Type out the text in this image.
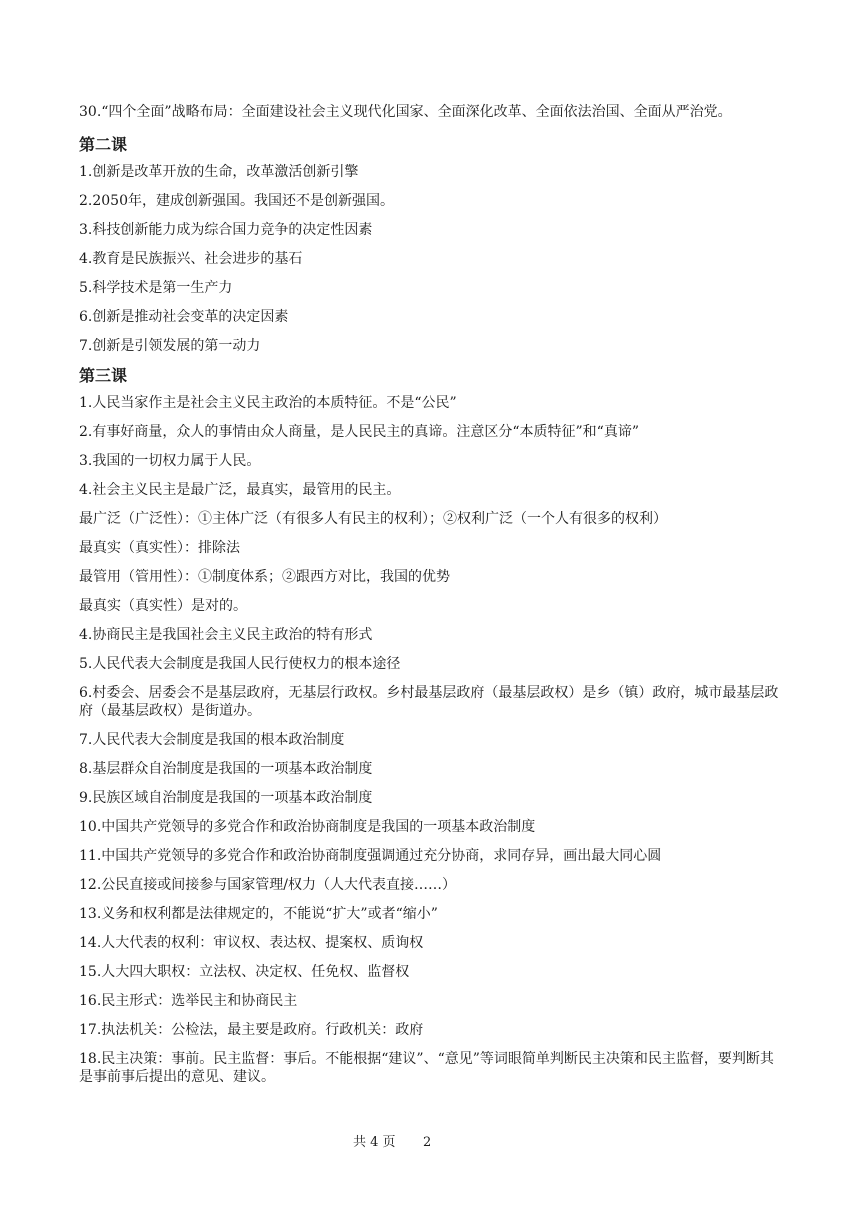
30.“四个全面”战略布局：全面建设社会主义现代化国家、全面深化改革、全面依法治国、全面从严治党。

第二课

1.创新是改革开放的生命，改革激活创新引擎

2.2050年，建成创新强国。我国还不是创新强国。

3.科技创新能力成为综合国力竞争的决定性因素

4.教育是民族振兴、社会进步的基石

5.科学技术是第一生产力

6.创新是推动社会变革的决定因素

7.创新是引领发展的第一动力

第三课

1.人民当家作主是社会主义民主政治的本质特征。不是“公民”

2.有事好商量，众人的事情由众人商量，是人民民主的真谛。注意区分“本质特征”和“真谛”

3.我国的一切权力属于人民。

4.社会主义民主是最广泛，最真实，最管用的民主。

最广泛（广泛性）：①主体广泛（有很多人有民主的权利）；②权利广泛（一个人有很多的权利）

最真实（真实性）：排除法

最管用（管用性）：①制度体系；②跟西方对比，我国的优势

最真实（真实性）是对的。

4.协商民主是我国社会主义民主政治的特有形式

5.人民代表大会制度是我国人民行使权力的根本途径

6.村委会、居委会不是基层政府，无基层行政权。乡村最基层政府（最基层政权）是乡（镇）政府，城市最基层政府（最基层政权）是街道办。

7.人民代表大会制度是我国的根本政治制度

8.基层群众自治制度是我国的一项基本政治制度

9.民族区域自治制度是我国的一项基本政治制度

10.中国共产党领导的多党合作和政治协商制度是我国的一项基本政治制度

11.中国共产党领导的多党合作和政治协商制度强调通过充分协商，求同存异，画出最大同心圆

12.公民直接或间接参与国家管理/权力（人大代表直接……）

13.义务和权利都是法律规定的，不能说“扩大”或者“缩小”

14.人大代表的权利：审议权、表达权、提案权、质询权

15.人大四大职权：立法权、决定权、任免权、监督权

16.民主形式：选举民主和协商民主

17.执法机关：公检法，最主要是政府。行政机关：政府

18.民主决策：事前。民主监督：事后。不能根据“建议”、“意见”等词眼简单判断民主决策和民主监督，要判断其是事前事后提出的意见、建议。

共 4 页 2
